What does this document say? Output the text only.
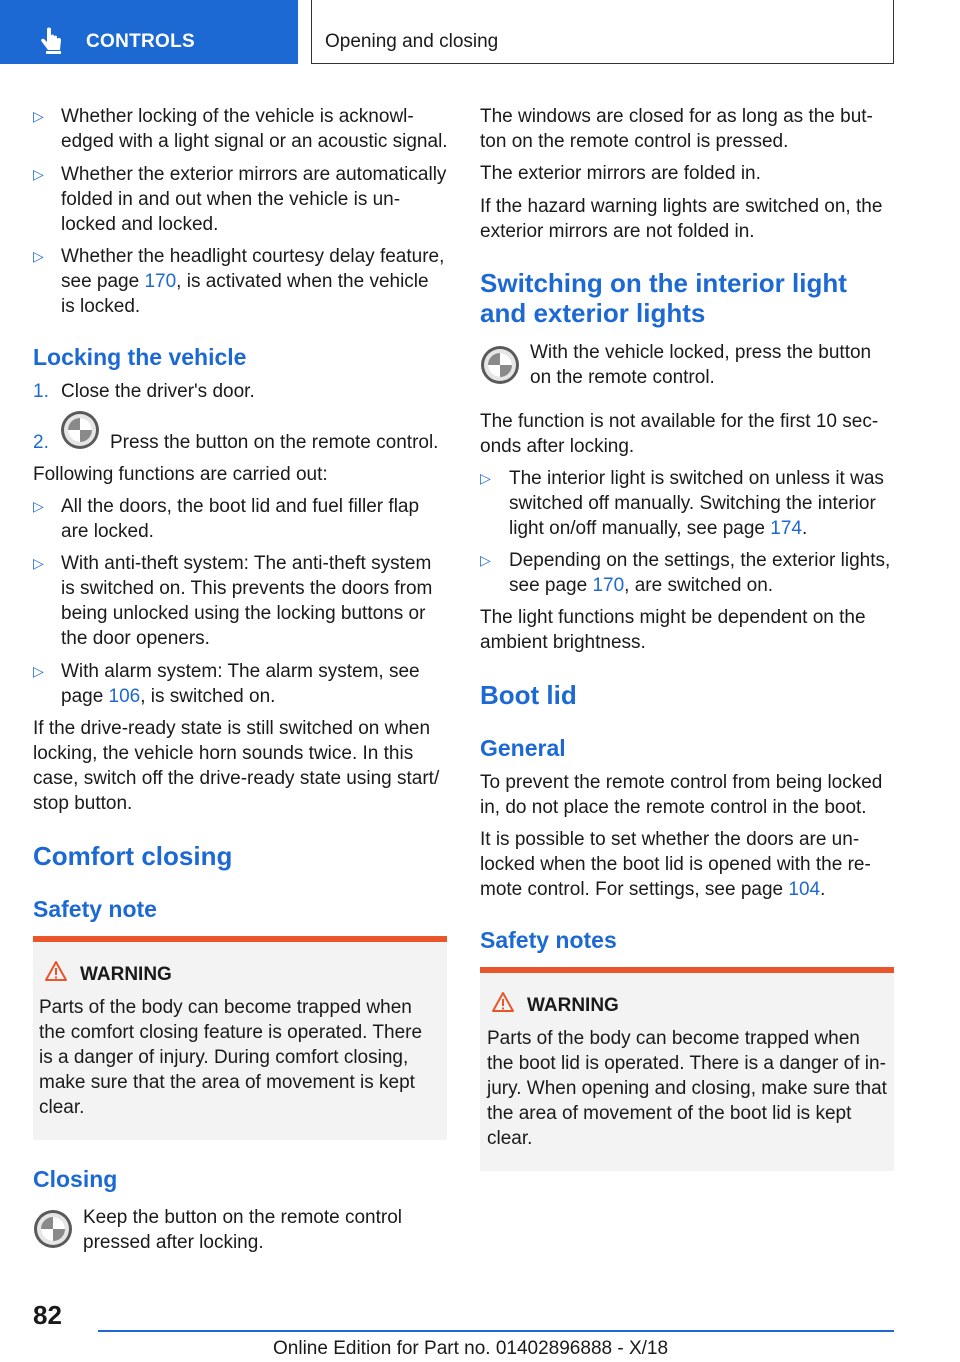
CONTROLS	Opening and closing
▷ Whether locking of the vehicle is acknowl-
edged with a light signal or an acoustic signal.
▷ Whether the exterior mirrors are automatically
folded in and out when the vehicle is un-
locked and locked.
▷ Whether the headlight courtesy delay feature,
see page 170, is activated when the vehicle
is locked.
Locking the vehicle
1. Close the driver's door.
2.	Press the button on the remote control.
Following functions are carried out:
▷ All the doors, the boot lid and fuel filler flap
are locked.
▷ With anti-theft system: The anti-theft system
is switched on. This prevents the doors from
being unlocked using the locking buttons or
the door openers.
▷ With alarm system: The alarm system, see
page 106, is switched on.
If the drive-ready state is still switched on when
locking, the vehicle horn sounds twice. In this
case, switch off the drive-ready state using start/
stop button.
Comfort closing
Safety note
WARNING
Parts of the body can become trapped when
the comfort closing feature is operated. There
is a danger of injury. During comfort closing,
make sure that the area of movement is kept
clear.
Closing
Keep the button on the remote control
pressed after locking.
The windows are closed for as long as the but-
ton on the remote control is pressed.
The exterior mirrors are folded in.
If the hazard warning lights are switched on, the
exterior mirrors are not folded in.
Switching on the interior light
and exterior lights
With the vehicle locked, press the button
on the remote control.
The function is not available for the first 10 sec-
onds after locking.
▷ The interior light is switched on unless it was
switched off manually. Switching the interior
light on/off manually, see page 174.
▷ Depending on the settings, the exterior lights,
see page 170, are switched on.
The light functions might be dependent on the
ambient brightness.
Boot lid
General
To prevent the remote control from being locked
in, do not place the remote control in the boot.
It is possible to set whether the doors are un-
locked when the boot lid is opened with the re-
mote control. For settings, see page 104.
Safety notes
WARNING
Parts of the body can become trapped when
the boot lid is operated. There is a danger of in-
jury. When opening and closing, make sure that
the area of movement of the boot lid is kept
clear.
82
Online Edition for Part no. 01402896888 - X/18
